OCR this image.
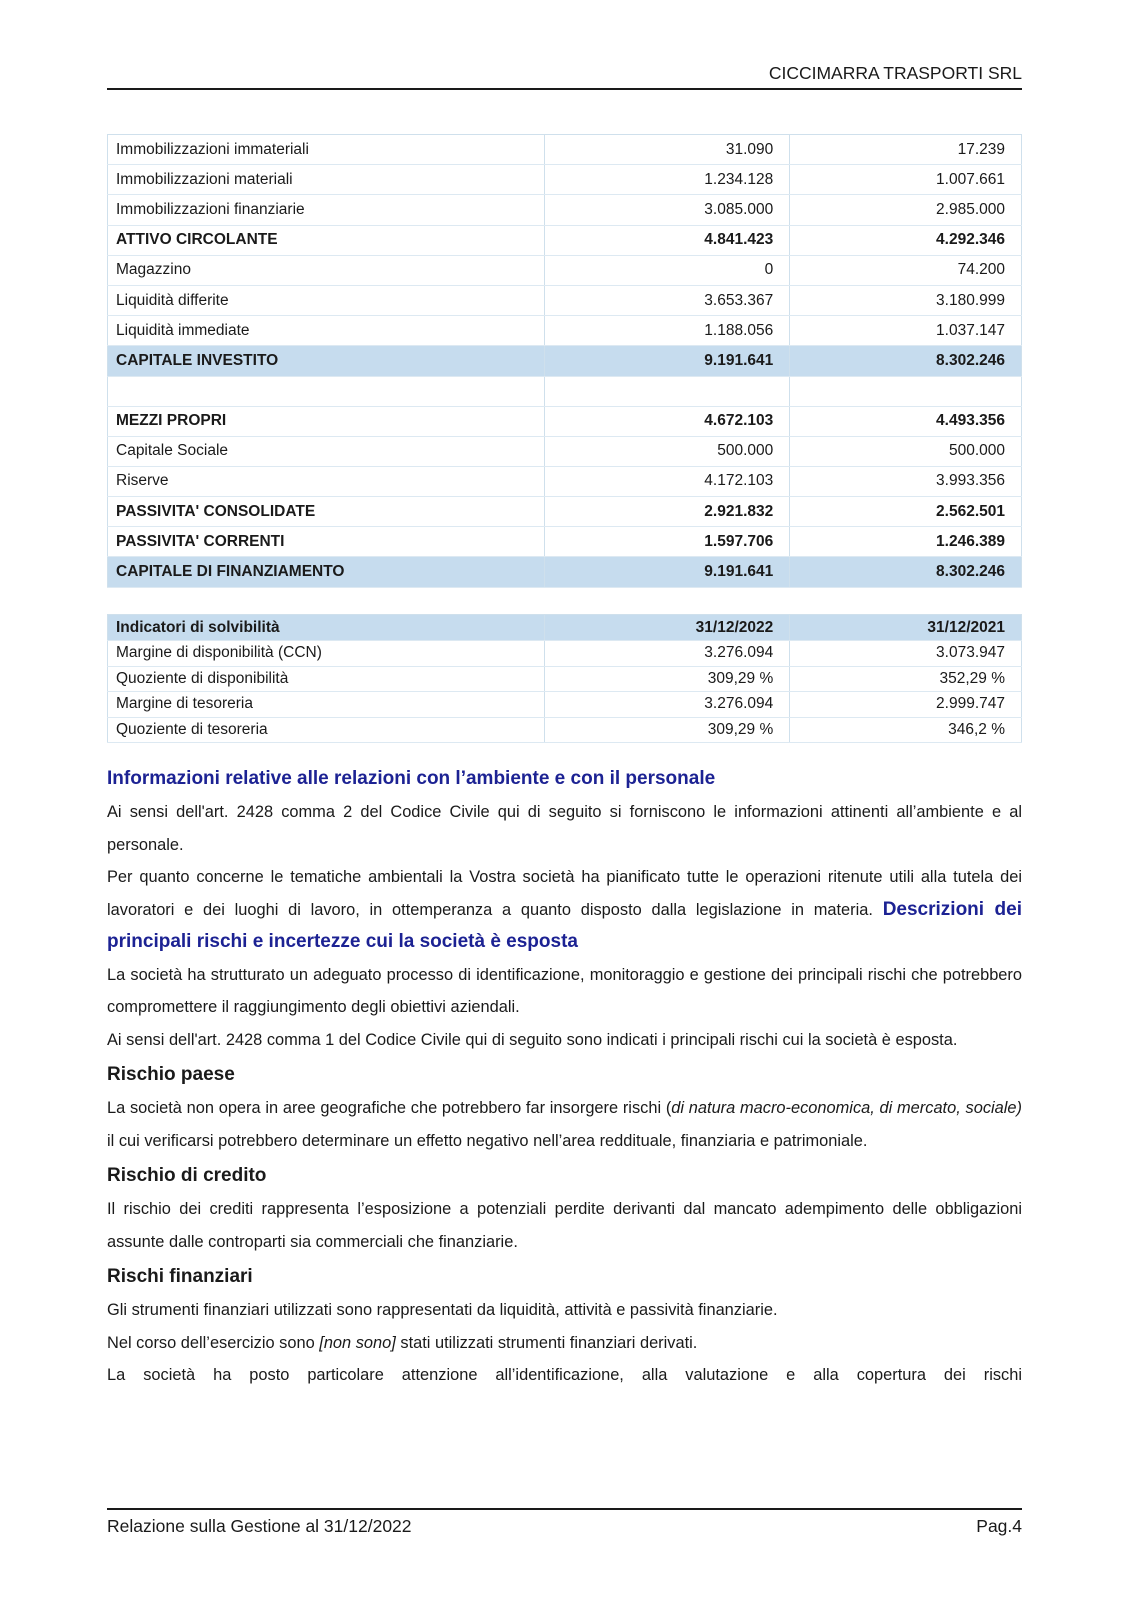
CICCIMARRA TRASPORTI SRL
Immobilizzazioni immateriali	31.090	17.239
Immobilizzazioni materiali	1.234.128	1.007.661
Immobilizzazioni finanziarie	3.085.000	2.985.000
ATTIVO CIRCOLANTE	4.841.423	4.292.346
Magazzino	0	74.200
Liquidità differite	3.653.367	3.180.999
Liquidità immediate	1.188.056	1.037.147
CAPITALE INVESTITO	9.191.641	8.302.246

MEZZI PROPRI	4.672.103	4.493.356
Capitale Sociale	500.000	500.000
Riserve	4.172.103	3.993.356
PASSIVITA' CONSOLIDATE	2.921.832	2.562.501
PASSIVITA' CORRENTI	1.597.706	1.246.389
CAPITALE DI FINANZIAMENTO	9.191.641	8.302.246
Indicatori di solvibilità	31/12/2022	31/12/2021
Margine di disponibilità (CCN)	3.276.094	3.073.947
Quoziente di disponibilità	309,29 %	352,29 %
Margine di tesoreria	3.276.094	2.999.747
Quoziente di tesoreria	309,29 %	346,2 %
Informazioni relative alle relazioni con l’ambiente e con il personale

Ai sensi dell'art. 2428 comma 2 del Codice Civile qui di seguito si forniscono le informazioni attinenti all’ambiente e al personale.

Per quanto concerne le tematiche ambientali la Vostra società ha pianificato tutte le operazioni ritenute utili alla tutela dei lavoratori e dei luoghi di lavoro, in ottemperanza a quanto disposto dalla legislazione in materia. Descrizioni dei principali rischi e incertezze cui la società è esposta

La società ha strutturato un adeguato processo di identificazione, monitoraggio e gestione dei principali rischi che potrebbero compromettere il raggiungimento degli obiettivi aziendali.

Ai sensi dell'art. 2428 comma 1 del Codice Civile qui di seguito sono indicati i principali rischi cui la società è esposta.

Rischio paese

La società non opera in aree geografiche che potrebbero far insorgere rischi (di natura macro-economica, di mercato, sociale) il cui verificarsi potrebbero determinare un effetto negativo nell’area reddituale, finanziaria e patrimoniale.

Rischio di credito

Il rischio dei crediti rappresenta l’esposizione a potenziali perdite derivanti dal mancato adempimento delle obbligazioni assunte dalle controparti sia commerciali che finanziarie.

Rischi finanziari

Gli strumenti finanziari utilizzati sono rappresentati da liquidità, attività e passività finanziarie.

Nel corso dell’esercizio sono [non sono] stati utilizzati strumenti finanziari derivati.

La società ha posto particolare attenzione all’identificazione, alla valutazione e alla copertura dei rischi

Relazione sulla Gestione al 31/12/2022	Pag.4
